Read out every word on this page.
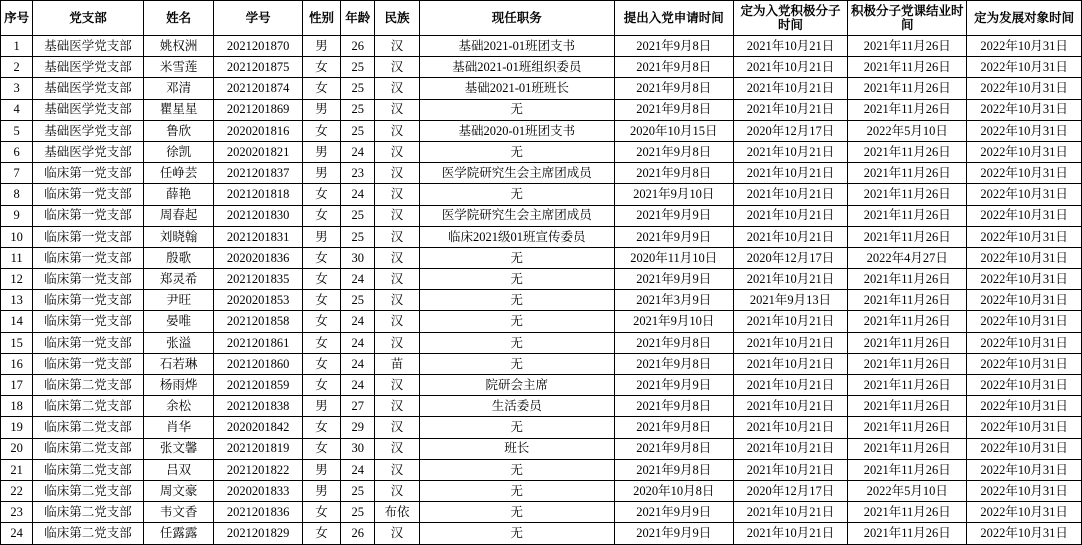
序号	党支部	姓名	学号	性别	年龄	民族	现任职务	提出入党申请时间	定为入党积极分子时间	积极分子党课结业时间	定为发展对象时间
1	基础医学党支部	姚权洲	2021201870	男	26	汉	基础2021-01班团支书	2021年9月8日	2021年10月21日	2021年11月26日	2022年10月31日
2	基础医学党支部	米雪莲	2021201875	女	25	汉	基础2021-01班组织委员	2021年9月8日	2021年10月21日	2021年11月26日	2022年10月31日
3	基础医学党支部	邓清	2021201874	女	25	汉	基础2021-01班班长	2021年9月8日	2021年10月21日	2021年11月26日	2022年10月31日
4	基础医学党支部	瞿星星	2021201869	男	25	汉	无	2021年9月8日	2021年10月21日	2021年11月26日	2022年10月31日
5	基础医学党支部	鲁欣	2020201816	女	25	汉	基础2020-01班团支书	2020年10月15日	2020年12月17日	2022年5月10日	2022年10月31日
6	基础医学党支部	徐凯	2020201821	男	24	汉	无	2021年9月8日	2021年10月21日	2021年11月26日	2022年10月31日
7	临床第一党支部	任峥芸	2021201837	男	23	汉	医学院研究生会主席团成员	2021年9月8日	2021年10月21日	2021年11月26日	2022年10月31日
8	临床第一党支部	薛艳	2021201818	女	24	汉	无	2021年9月10日	2021年10月21日	2021年11月26日	2022年10月31日
9	临床第一党支部	周春起	2021201830	女	25	汉	医学院研究生会主席团成员	2021年9月9日	2021年10月21日	2021年11月26日	2022年10月31日
10	临床第一党支部	刘晓翰	2021201831	男	25	汉	临床2021级01班宣传委员	2021年9月9日	2021年10月21日	2021年11月26日	2022年10月31日
11	临床第一党支部	殷歌	2020201836	女	30	汉	无	2020年11月10日	2020年12月17日	2022年4月27日	2022年10月31日
12	临床第一党支部	郑灵希	2021201835	女	24	汉	无	2021年9月9日	2021年10月21日	2021年11月26日	2022年10月31日
13	临床第一党支部	尹旺	2020201853	女	25	汉	无	2021年3月9日	2021年9月13日	2021年11月26日	2022年10月31日
14	临床第一党支部	晏唯	2021201858	女	24	汉	无	2021年9月10日	2021年10月21日	2021年11月26日	2022年10月31日
15	临床第一党支部	张溢	2021201861	女	24	汉	无	2021年9月8日	2021年10月21日	2021年11月26日	2022年10月31日
16	临床第一党支部	石若琳	2021201860	女	24	苗	无	2021年9月8日	2021年10月21日	2021年11月26日	2022年10月31日
17	临床第二党支部	杨雨烨	2021201859	女	24	汉	院研会主席	2021年9月9日	2021年10月21日	2021年11月26日	2022年10月31日
18	临床第二党支部	余松	2021201838	男	27	汉	生活委员	2021年9月8日	2021年10月21日	2021年11月26日	2022年10月31日
19	临床第二党支部	肖华	2020201842	女	29	汉	无	2021年9月8日	2021年10月21日	2021年11月26日	2022年10月31日
20	临床第二党支部	张文馨	2021201819	女	30	汉	班长	2021年9月8日	2021年10月21日	2021年11月26日	2022年10月31日
21	临床第二党支部	吕双	2021201822	男	24	汉	无	2021年9月8日	2021年10月21日	2021年11月26日	2022年10月31日
22	临床第二党支部	周文豪	2020201833	男	25	汉	无	2020年10月8日	2020年12月17日	2022年5月10日	2022年10月31日
23	临床第二党支部	韦文香	2021201836	女	25	布依	无	2021年9月9日	2021年10月21日	2021年11月26日	2022年10月31日
24	临床第二党支部	任露露	2021201829	女	26	汉	无	2021年9月9日	2021年10月21日	2021年11月26日	2022年10月31日
